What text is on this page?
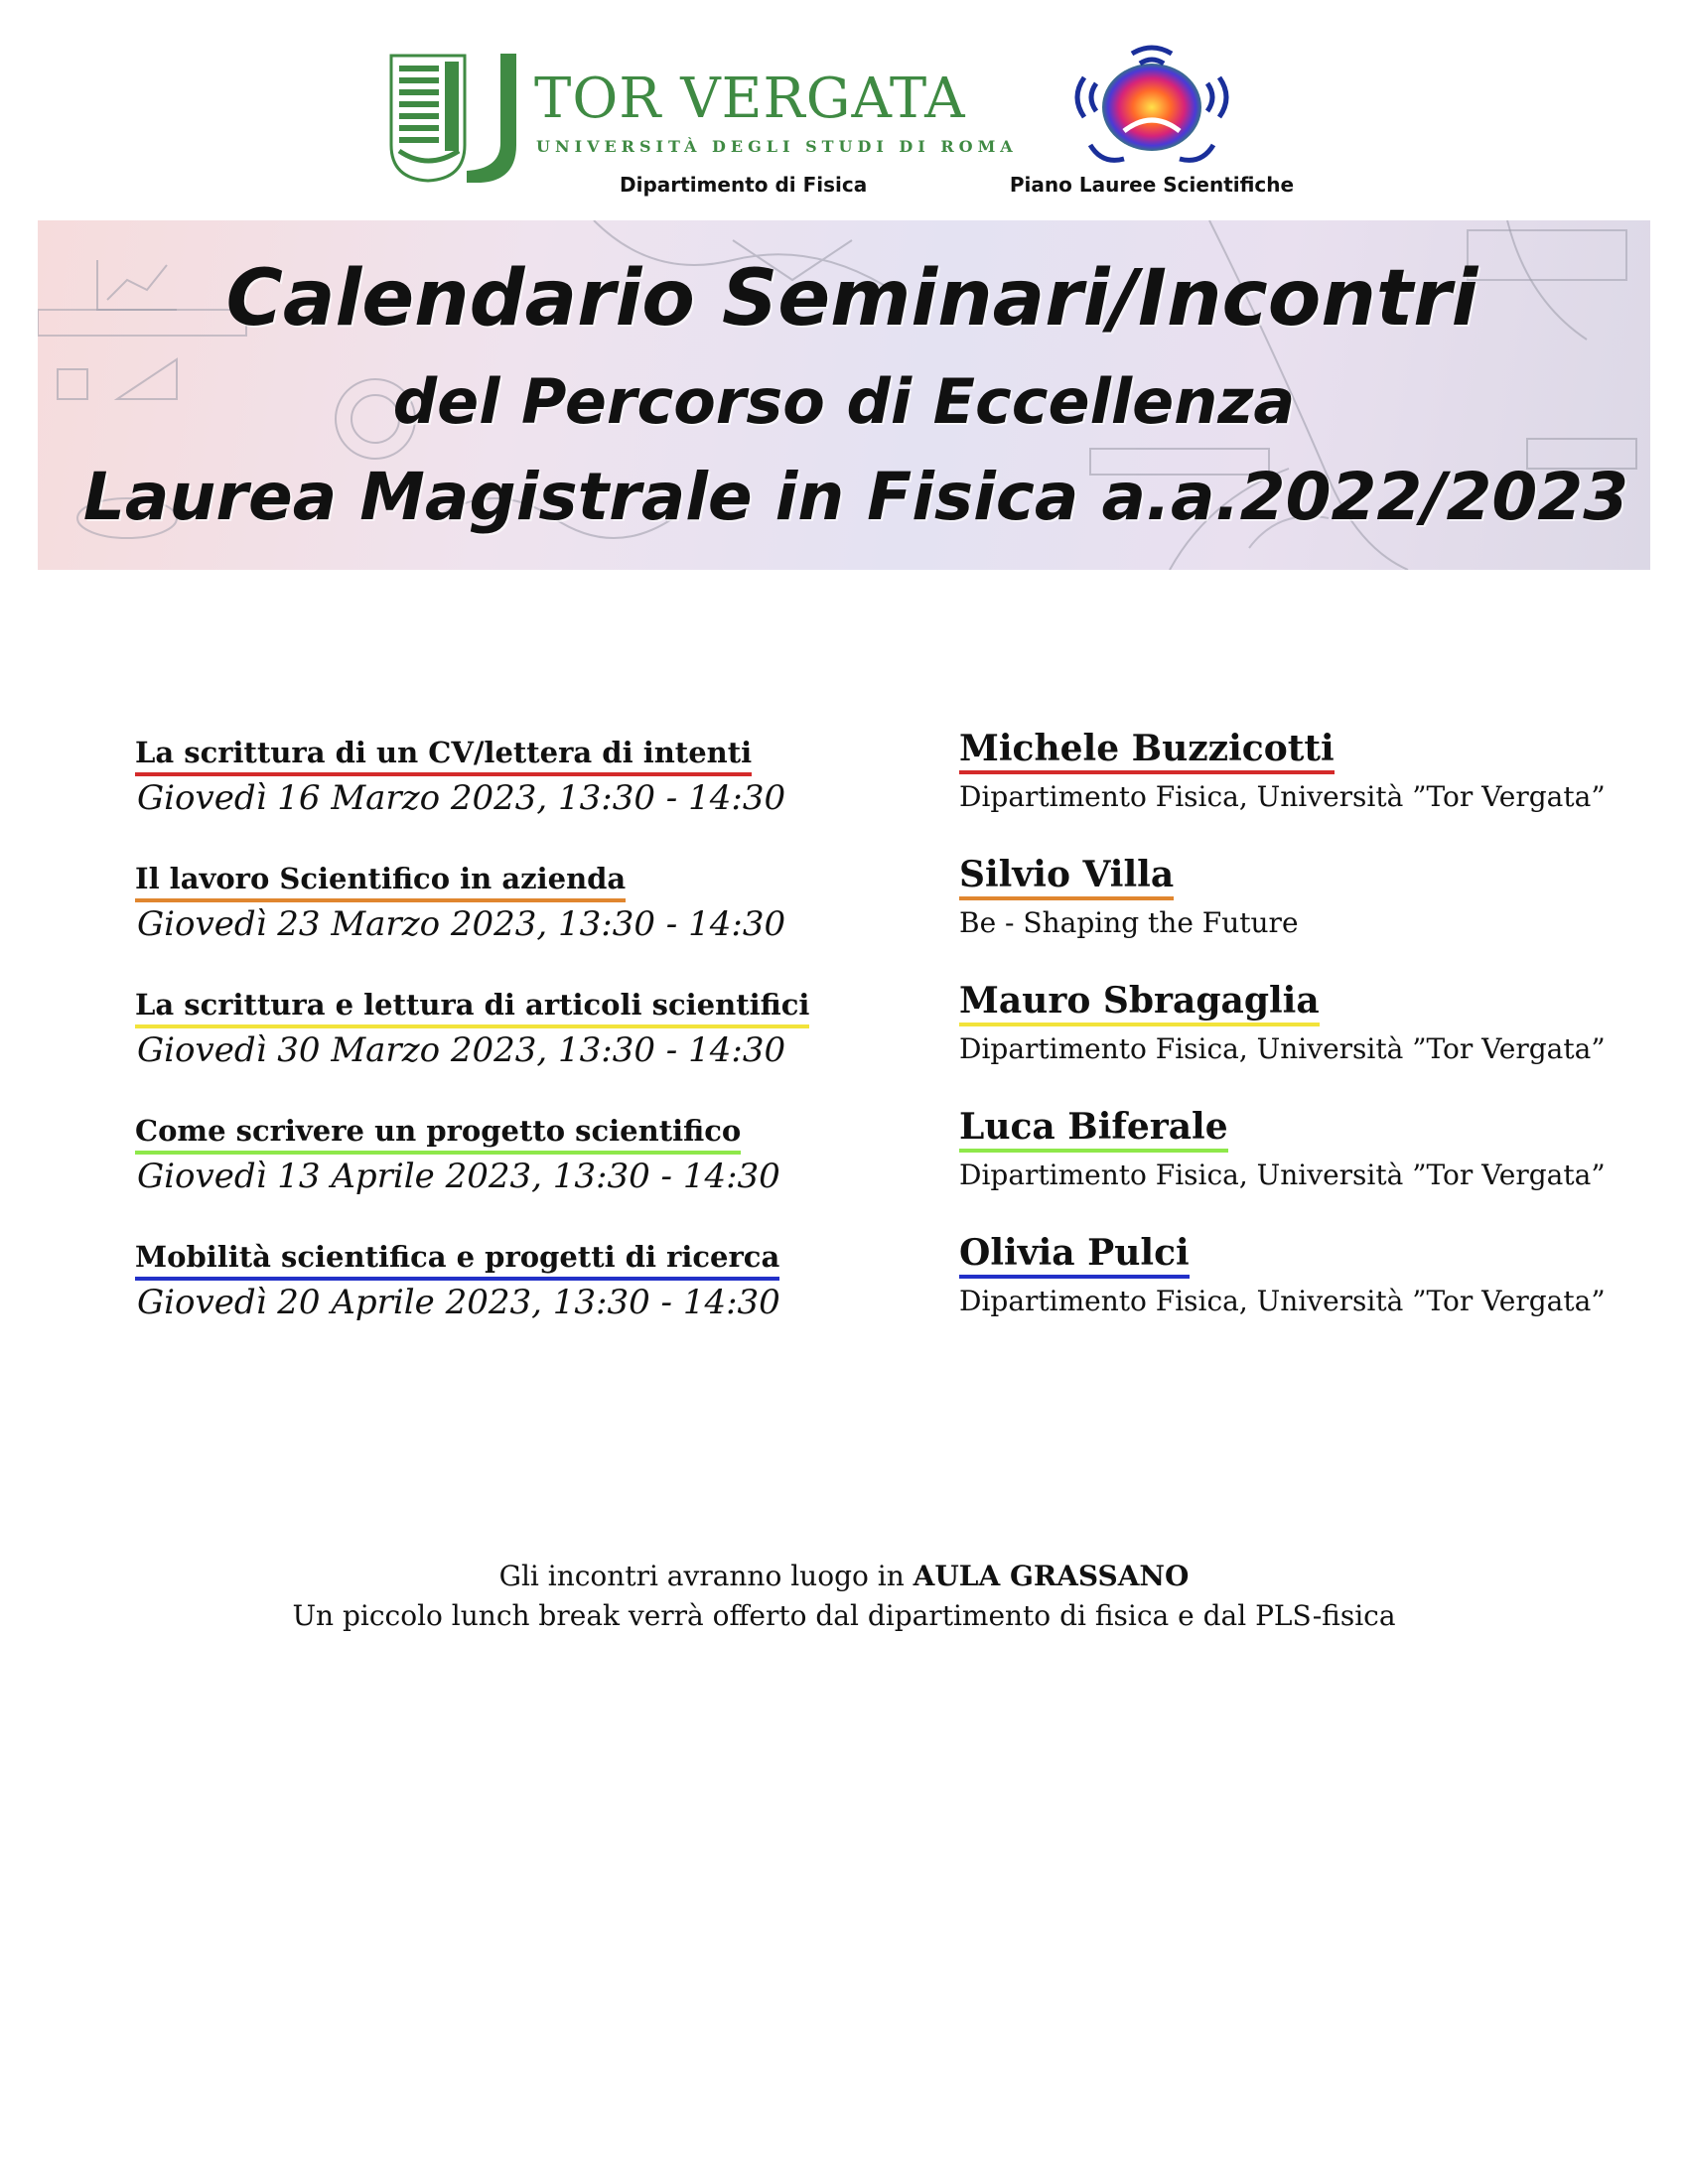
TOR VERGATA
UNIVERSITÀ DEGLI STUDI DI ROMA
Dipartimento di Fisica	Piano Lauree Scientifiche
Calendario Seminari/Incontri
del Percorso di Eccellenza
Laurea Magistrale in Fisica a.a.2022/2023
La scrittura di un CV/lettera di intenti
Giovedì 16 Marzo 2023, 13:30 - 14:30
Michele Buzzicotti
Dipartimento Fisica, Università ”Tor Vergata”
Il lavoro Scientifico in azienda
Giovedì 23 Marzo 2023, 13:30 - 14:30
Silvio Villa
Be - Shaping the Future
La scrittura e lettura di articoli scientifici
Giovedì 30 Marzo 2023, 13:30 - 14:30
Mauro Sbragaglia
Dipartimento Fisica, Università ”Tor Vergata”
Come scrivere un progetto scientifico
Giovedì 13 Aprile 2023, 13:30 - 14:30
Luca Biferale
Dipartimento Fisica, Università ”Tor Vergata”
Mobilità scientifica e progetti di ricerca
Giovedì 20 Aprile 2023, 13:30 - 14:30
Olivia Pulci
Dipartimento Fisica, Università ”Tor Vergata”
Gli incontri avranno luogo in AULA GRASSANO
Un piccolo lunch break verrà offerto dal dipartimento di fisica e dal PLS-fisica
